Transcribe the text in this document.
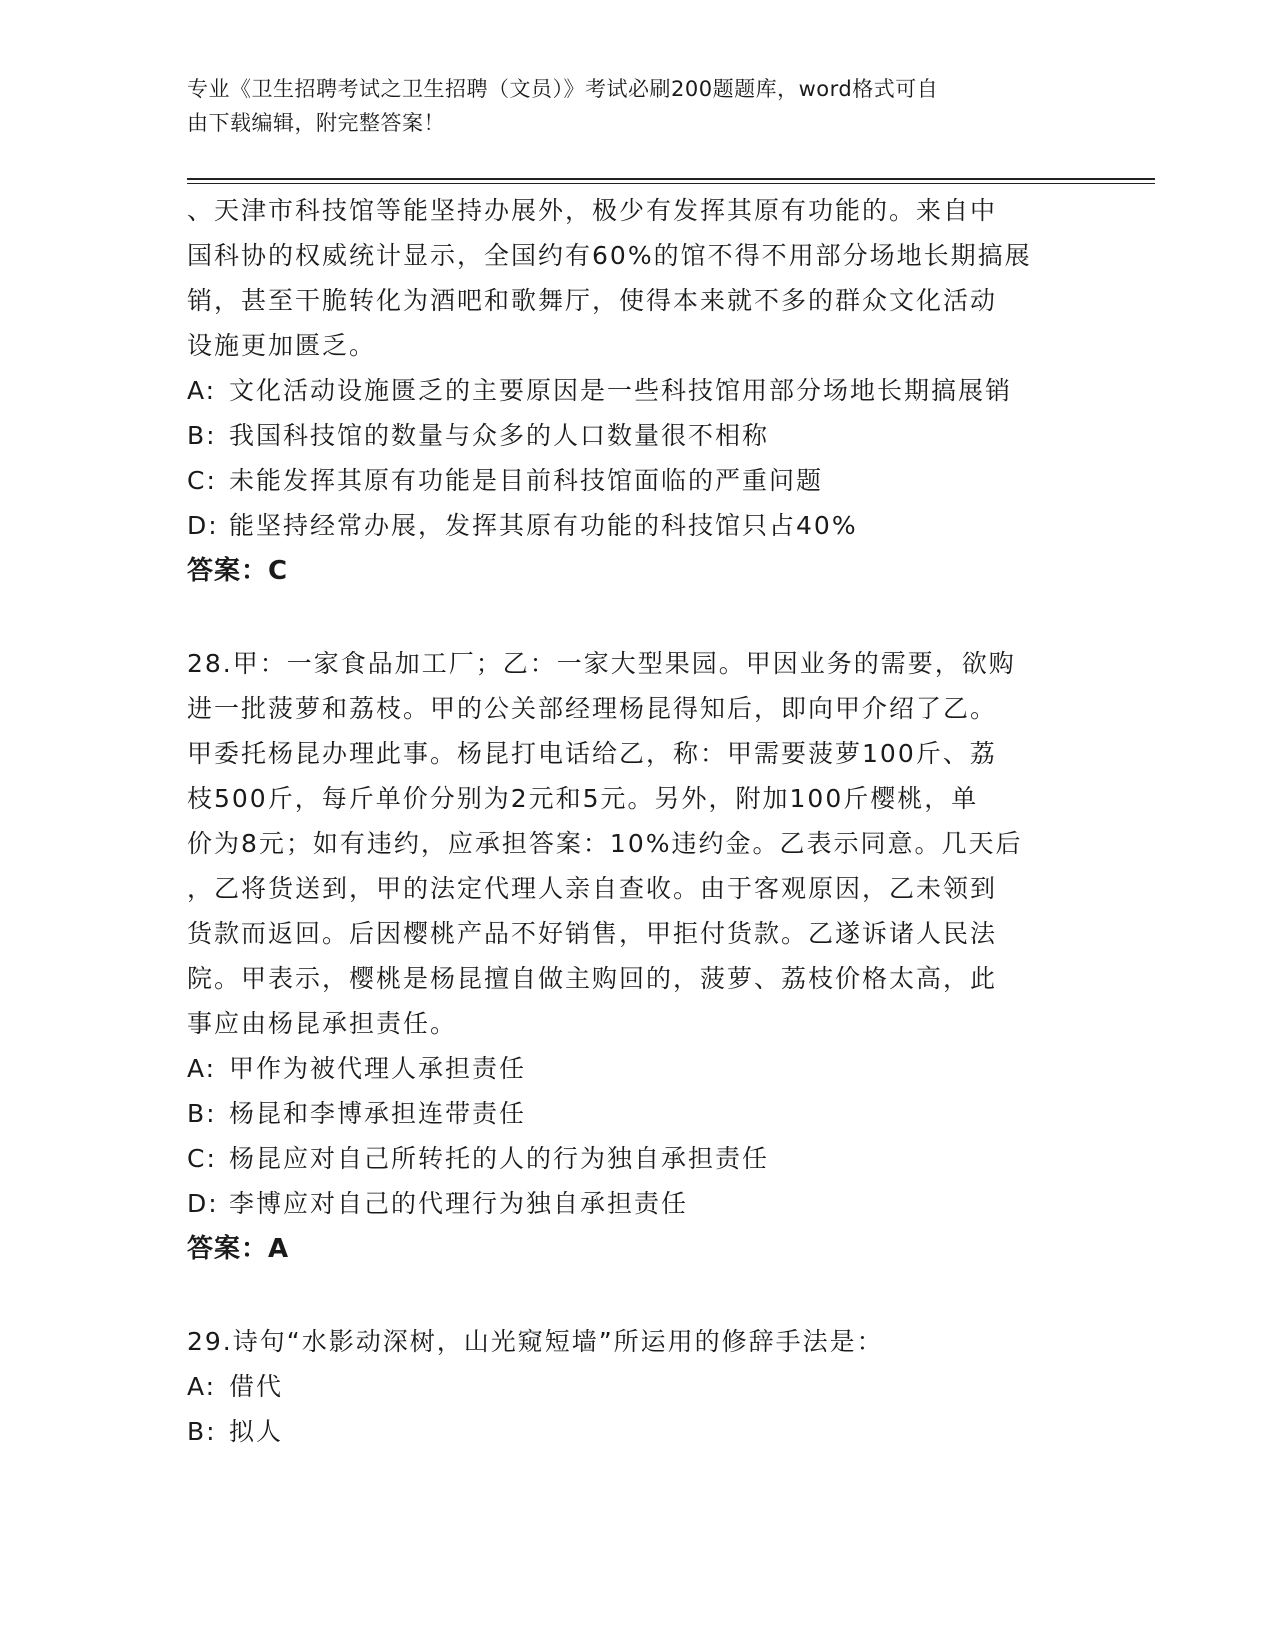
专业《卫生招聘考试之卫生招聘（文员）》考试必刷200题题库，word格式可自
由下载编辑，附完整答案！

、天津市科技馆等能坚持办展外，极少有发挥其原有功能的。来自中

国科协的权威统计显示，全国约有60%的馆不得不用部分场地长期搞展

销，甚至干脆转化为酒吧和歌舞厅，使得本来就不多的群众文化活动

设施更加匮乏。

A: 文化活动设施匮乏的主要原因是一些科技馆用部分场地长期搞展销

B: 我国科技馆的数量与众多的人口数量很不相称

C: 未能发挥其原有功能是目前科技馆面临的严重问题

D: 能坚持经常办展，发挥其原有功能的科技馆只占40%

答案：C

28.甲：一家食品加工厂；乙：一家大型果园。甲因业务的需要，欲购

进一批菠萝和荔枝。甲的公关部经理杨昆得知后，即向甲介绍了乙。

甲委托杨昆办理此事。杨昆打电话给乙，称：甲需要菠萝100斤、荔

枝500斤，每斤单价分别为2元和5元。另外，附加100斤樱桃，单

价为8元；如有违约，应承担答案：10%违约金。乙表示同意。几天后

，乙将货送到，甲的法定代理人亲自查收。由于客观原因，乙未领到

货款而返回。后因樱桃产品不好销售，甲拒付货款。乙遂诉诸人民法

院。甲表示，樱桃是杨昆擅自做主购回的，菠萝、荔枝价格太高，此

事应由杨昆承担责任。

A: 甲作为被代理人承担责任

B: 杨昆和李博承担连带责任

C: 杨昆应对自己所转托的人的行为独自承担责任

D: 李博应对自己的代理行为独自承担责任

答案：A

29.诗句“水影动深树，山光窥短墙”所运用的修辞手法是：

A: 借代

B: 拟人
